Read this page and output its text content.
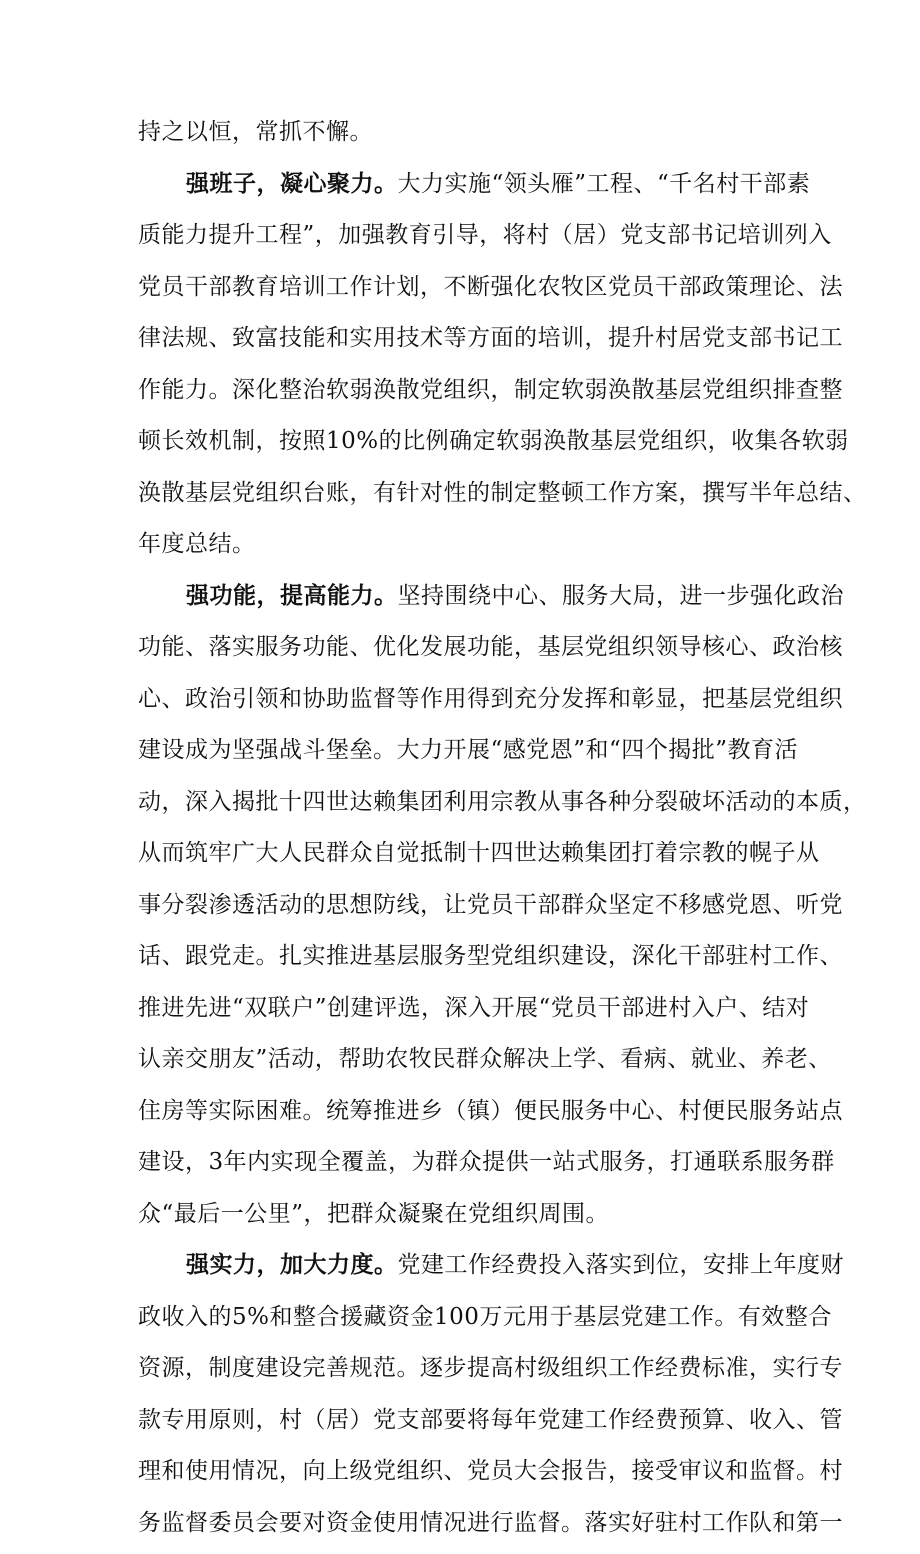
持之以恒，常抓不懈。
强班子，凝心聚力。大力实施“领头雁”工程、“千名村干部素
质能力提升工程”，加强教育引导，将村（居）党支部书记培训列入
党员干部教育培训工作计划，不断强化农牧区党员干部政策理论、法
律法规、致富技能和实用技术等方面的培训，提升村居党支部书记工
作能力。深化整治软弱涣散党组织，制定软弱涣散基层党组织排查整
顿长效机制，按照10%的比例确定软弱涣散基层党组织，收集各软弱
涣散基层党组织台账，有针对性的制定整顿工作方案，撰写半年总结、
年度总结。
强功能，提高能力。坚持围绕中心、服务大局，进一步强化政治
功能、落实服务功能、优化发展功能，基层党组织领导核心、政治核
心、政治引领和协助监督等作用得到充分发挥和彰显，把基层党组织
建设成为坚强战斗堡垒。大力开展“感党恩”和“四个揭批”教育活
动，深入揭批十四世达赖集团利用宗教从事各种分裂破坏活动的本质，
从而筑牢广大人民群众自觉抵制十四世达赖集团打着宗教的幌子从
事分裂渗透活动的思想防线，让党员干部群众坚定不移感党恩、听党
话、跟党走。扎实推进基层服务型党组织建设，深化干部驻村工作、
推进先进“双联户”创建评选，深入开展“党员干部进村入户、结对
认亲交朋友”活动，帮助农牧民群众解决上学、看病、就业、养老、
住房等实际困难。统筹推进乡（镇）便民服务中心、村便民服务站点
建设，3年内实现全覆盖，为群众提供一站式服务，打通联系服务群
众“最后一公里”，把群众凝聚在党组织周围。
强实力，加大力度。党建工作经费投入落实到位，安排上年度财
政收入的5%和整合援藏资金100万元用于基层党建工作。有效整合
资源，制度建设完善规范。逐步提高村级组织工作经费标准，实行专
款专用原则，村（居）党支部要将每年党建工作经费预算、收入、管
理和使用情况，向上级党组织、党员大会报告，接受审议和监督。村
务监督委员会要对资金使用情况进行监督。落实好驻村工作队和第一
